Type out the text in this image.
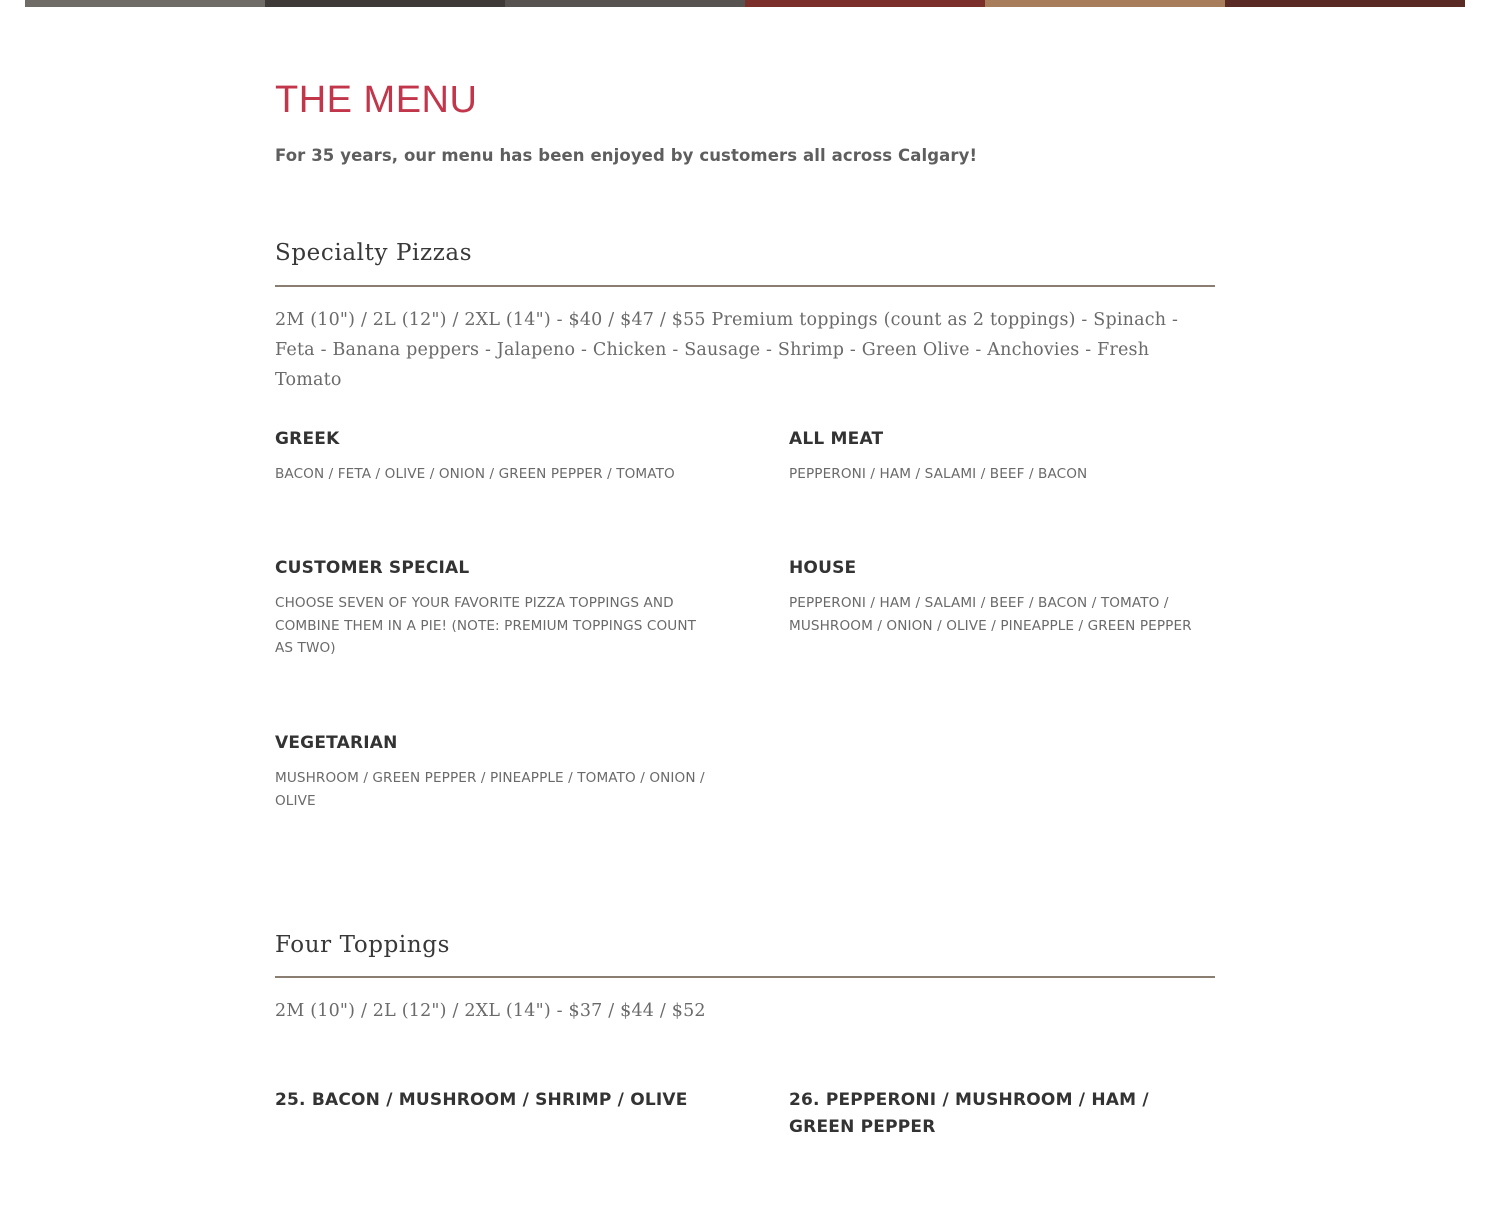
THE MENU

For 35 years, our menu has been enjoyed by customers all across Calgary!

Specialty Pizzas

2M (10") / 2L (12") / 2XL (14") - $40 / $47 / $55 Premium toppings (count as 2 toppings) - Spinach - Feta - Banana peppers - Jalapeno - Chicken - Sausage - Shrimp - Green Olive - Anchovies - Fresh Tomato

GREEK

BACON / FETA / OLIVE / ONION / GREEN PEPPER / TOMATO

ALL MEAT

PEPPERONI / HAM / SALAMI / BEEF / BACON

CUSTOMER SPECIAL

CHOOSE SEVEN OF YOUR FAVORITE PIZZA TOPPINGS AND COMBINE THEM IN A PIE! (NOTE: PREMIUM TOPPINGS COUNT AS TWO)

HOUSE

PEPPERONI / HAM / SALAMI / BEEF / BACON / TOMATO / MUSHROOM / ONION / OLIVE / PINEAPPLE / GREEN PEPPER

VEGETARIAN

MUSHROOM / GREEN PEPPER / PINEAPPLE / TOMATO / ONION / OLIVE

Four Toppings

2M (10") / 2L (12") / 2XL (14") - $37 / $44 / $52

25. BACON / MUSHROOM / SHRIMP / OLIVE	26. PEPPERONI / MUSHROOM / HAM / GREEN PEPPER
